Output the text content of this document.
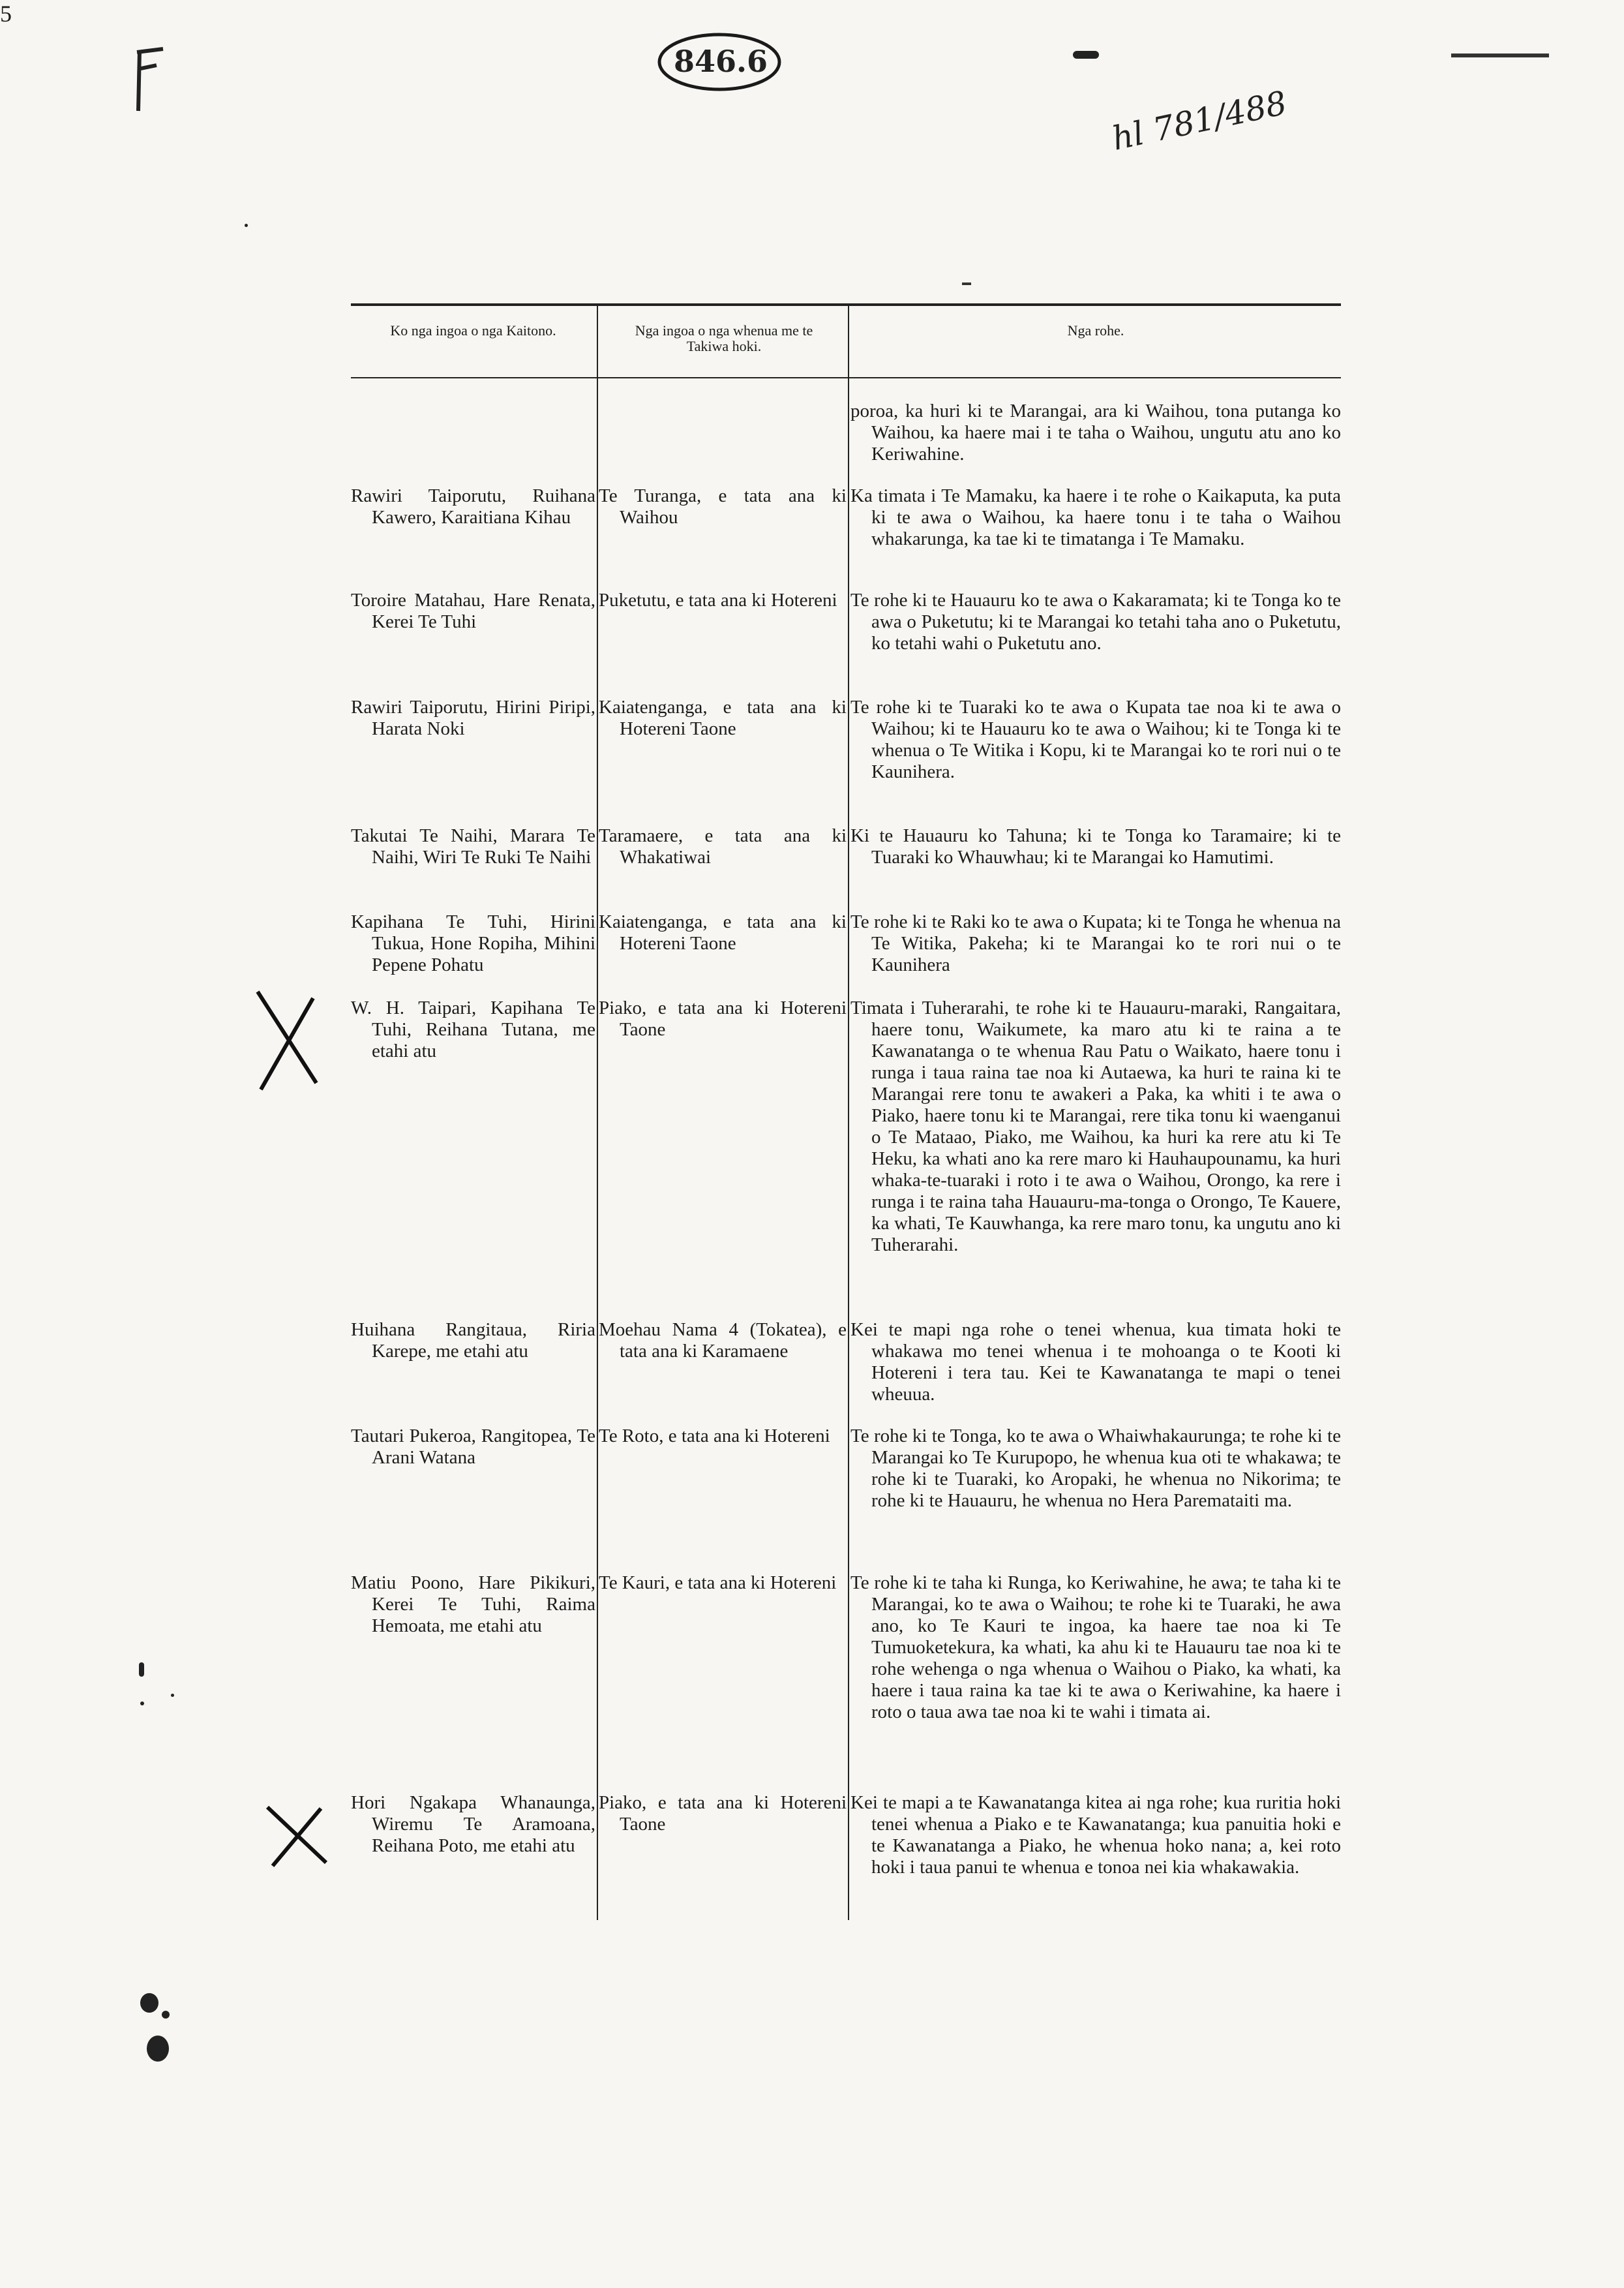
846.6
hl 781/488
5
Ko nga ingoa o nga Kaitono.	Nga ingoa o nga whenua me te Takiwa hoki.
Nga rohe.
poroa, ka huri ki te Marangai, ara ki Waihou, tona putanga ko Waihou, ka haere mai i te taha o Waihou, ungutu atu ano ko Keriwahine.
Rawiri Taiporutu, Ruihana Kawero, Karaitiana Kihau
Te Turanga, e tata ana ki Waihou
Ka timata i Te Mamaku, ka haere i te rohe o Kaikaputa, ka puta ki te awa o Waihou, ka haere tonu i te taha o Waihou whakarunga, ka tae ki te timatanga i Te Mamaku.
Toroire Matahau, Hare Renata, Kerei Te Tuhi
Puketutu, e tata ana ki Hotereni Te rohe ki te Hauauru ko te awa o Kakaramata; ki te Tonga ko te awa o Puketutu; ki te Marangai ko tetahi taha ano o Puketutu, ko tetahi wahi o Puketutu ano.
Rawiri Taiporutu, Hirini Piripi, Harata Noki
Kaiatenganga, e tata ana ki Hotereni Taone
Te rohe ki te Tuaraki ko te awa o Kupata tae noa ki te awa o Waihou; ki te Hauauru ko te awa o Waihou; ki te Tonga ki te whenua o Te Witika i Kopu, ki te Marangai ko te rori nui o te Kaunihera.
Takutai Te Naihi, Marara Te Naihi, Wiri Te Ruki Te Naihi
Taramaere, e tata ana ki Whakatiwai
Ki te Hauauru ko Tahuna; ki te Tonga ko Taramaire; ki te Tuaraki ko Whauwhau; ki te Marangai ko Hamutimi.
Kapihana Te Tuhi, Hirini Tukua, Hone Ropiha, Mihini Pepene Pohatu
Kaiatenganga, e tata ana ki Hotereni Taone
Te rohe ki te Raki ko te awa o Kupata; ki te Tonga he whenua na Te Witika, Pakeha; ki te Marangai ko te rori nui o te Kaunihera
W. H. Taipari, Kapihana Te Tuhi, Reihana Tutana, me etahi atu
Piako, e tata ana ki Hotereni Taone
Timata i Tuherarahi, te rohe ki te Hauauru-maraki, Rangaitara, haere tonu, Waikumete, ka maro atu ki te raina a te Kawanatanga o te whenua Rau Patu o Waikato, haere tonu i runga i taua raina tae noa ki Autaewa, ka huri te raina ki te Marangai rere tonu te awakeri a Paka, ka whiti i te awa o Piako, haere tonu ki te Marangai, rere tika tonu ki waenganui o Te Mataao, Piako, me Waihou, ka huri ka rere atu ki Te Heku, ka whati ano ka rere maro ki Hauhaupounamu, ka huri whaka-te-tuaraki i roto i te awa o Waihou, Orongo, ka rere i runga i te raina taha Hauauru-ma-tonga o Orongo, Te Kauere, ka whati, Te Kauwhanga, ka rere maro tonu, ka ungutu ano ki Tuherarahi.
Huihana Rangitaua, Riria Karepe, me etahi atu
Moehau Nama 4 (Tokatea), e tata ana ki Karamaene
Kei te mapi nga rohe o tenei whenua, kua timata hoki te whakawa mo tenei whenua i te mohoanga o te Kooti ki Hotereni i tera tau. Kei te Kawanatanga te mapi o tenei wheuua.
Tautari Pukeroa, Rangitopea, Te Arani Watana
Te Roto, e tata ana ki Hotereni	Te rohe ki te Tonga, ko te awa o Whaiwhakaurunga; te rohe ki te Marangai ko Te Kurupopo, he whenua kua oti te whakawa; te rohe ki te Tuaraki, ko Aropaki, he whenua no Nikorima; te rohe ki te Hauauru, he whenua no Hera Paremataiti ma.
Matiu Poono, Hare Pikikuri, Kerei Te Tuhi, Raima Hemoata, me etahi atu
Te Kauri, e tata ana ki Hotereni Te rohe ki te taha ki Runga, ko Keriwahine, he awa; te taha ki te Marangai, ko te awa o Waihou; te rohe ki te Tuaraki, he awa ano, ko Te Kauri te ingoa, ka haere tae noa ki Te Tumuoketekura, ka whati, ka ahu ki te Hauauru tae noa ki te rohe wehenga o nga whenua o Waihou o Piako, ka whati, ka haere i taua raina ka tae ki te awa o Keriwahine, ka haere i roto o taua awa tae noa ki te wahi i timata ai.
Hori Ngakapa Whanaunga, Wiremu Te Aramoana, Reihana Poto, me etahi atu
Piako, e tata ana ki Hotereni Taone
Kei te mapi a te Kawanatanga kitea ai nga rohe; kua ruritia hoki tenei whenua a Piako e te Kawanatanga; kua panuitia hoki e te Kawanatanga a Piako, he whenua hoko nana; a, kei roto hoki i taua panui te whenua e tonoa nei kia whakawakia.
